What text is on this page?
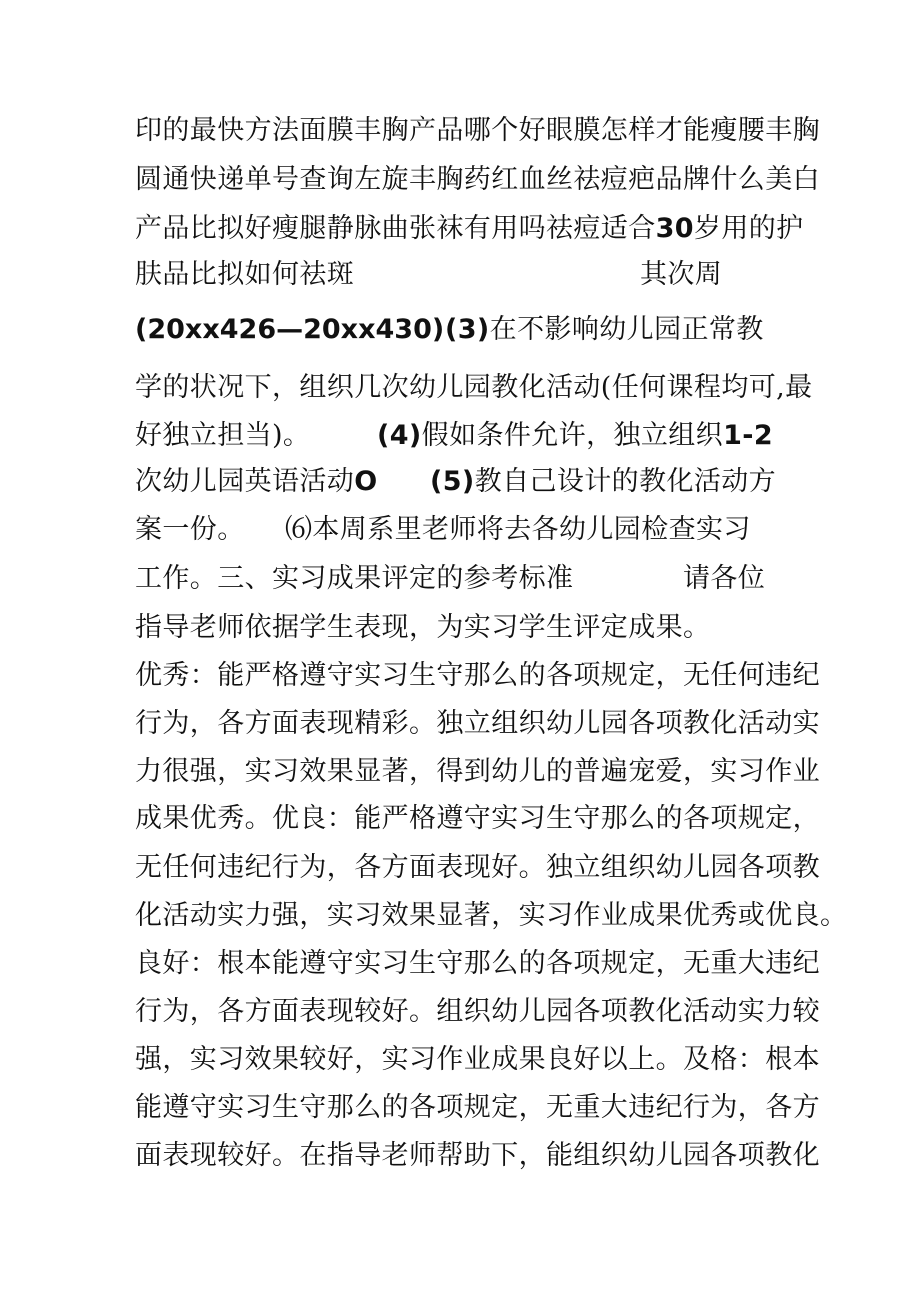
印的最快方法面膜丰胸产品哪个好眼膜怎样才能瘦腰丰胸
圆通快递单号查询左旋丰胸药红血丝祛痘疤品牌什么美白
产品比拟好瘦腿静脉曲张袜有用吗祛痘适合30岁用的护
肤品比拟如何祛斑	其次周
(20xx426—20xx430) (3)在不影响幼儿园正常教
学的状况下，组织几次幼儿园教化活动(任何课程均可,最
好独立担当)。 (4)假如条件允许，独立组织1-2
次幼儿园英语活动O (5)教自己设计的教化活动方
案一份。 ⑹本周系里老师将去各幼儿园检查实习
工作。三、实习成果评定的参考标准	请各位
指导老师依据学生表现，为实习学生评定成果。
优秀：能严格遵守实习生守那么的各项规定，无任何违纪
行为，各方面表现精彩。独立组织幼儿园各项教化活动实
力很强，实习效果显著，得到幼儿的普遍宠爱，实习作业
成果优秀。优良：能严格遵守实习生守那么的各项规定，
无任何违纪行为，各方面表现好。独立组织幼儿园各项教
化活动实力强，实习效果显著，实习作业成果优秀或优良。
良好：根本能遵守实习生守那么的各项规定，无重大违纪
行为，各方面表现较好。组织幼儿园各项教化活动实力较
强，实习效果较好，实习作业成果良好以上。及格：根本
能遵守实习生守那么的各项规定，无重大违纪行为，各方
面表现较好。在指导老师帮助下，能组织幼儿园各项教化
